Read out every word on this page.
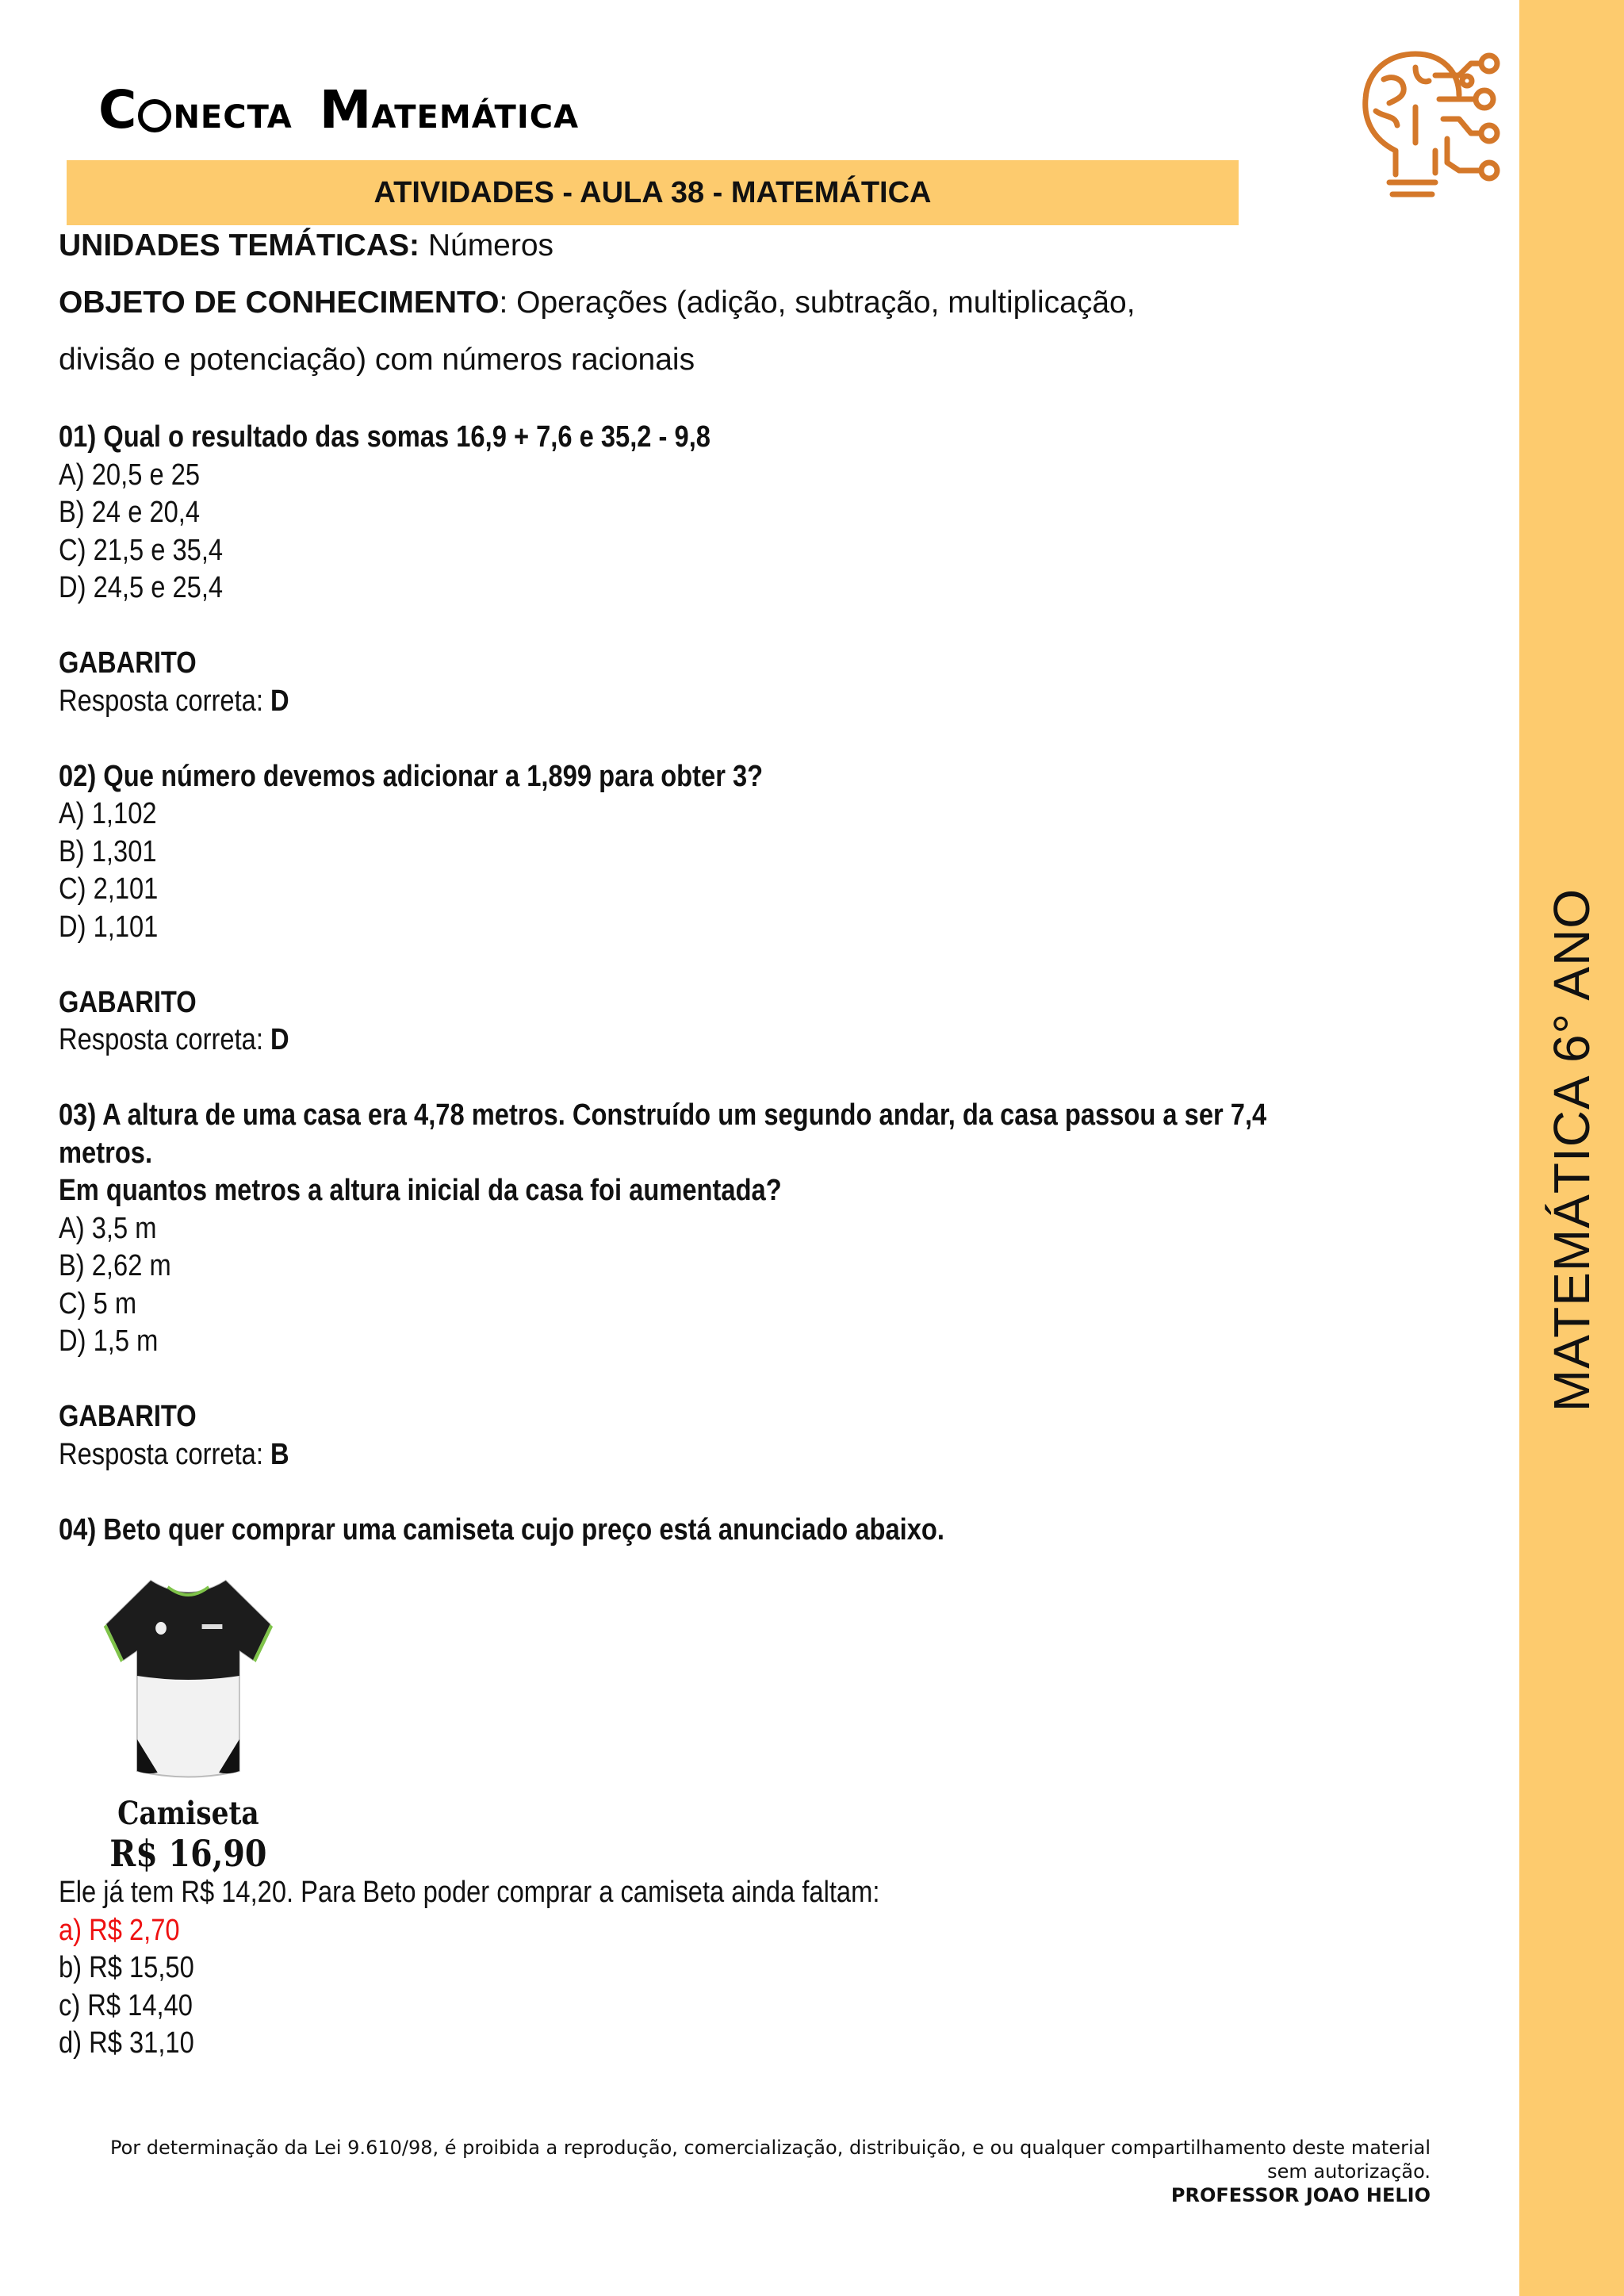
MATEMÁTICA 6° ANO
C NECTA M ATEMÁTICA
ATIVIDADES - AULA 38 - MATEMÁTICA
UNIDADES TEMÁTICAS: Números
OBJETO DE CONHECIMENTO: Operações (adição, subtração, multiplicação,
divisão e potenciação) com números racionais
01) Qual o resultado das somas 16,9 + 7,6 e 35,2 - 9,8
A) 20,5 e 25
B) 24 e 20,4
C) 21,5 e 35,4
D) 24,5 e 25,4
GABARITO
Resposta correta: D
02) Que número devemos adicionar a 1,899 para obter 3?
A) 1,102
B) 1,301
C) 2,101
D) 1,101
GABARITO
Resposta correta: D
03) A altura de uma casa era 4,78 metros. Construído um segundo andar, da casa passou a ser 7,4 metros.
Em quantos metros a altura inicial da casa foi aumentada?
A) 3,5 m
B) 2,62 m
C) 5 m
D) 1,5 m
GABARITO
Resposta correta: B
04) Beto quer comprar uma camiseta cujo preço está anunciado abaixo.
Camiseta
R$ 16,90
Ele já tem R$ 14,20. Para Beto poder comprar a camiseta ainda faltam:
a) R$ 2,70
b) R$ 15,50
c) R$ 14,40
d) R$ 31,10
Por determinação da Lei 9.610/98, é proibida a reprodução, comercialização, distribuição, e ou qualquer compartilhamento deste material
sem autorização.
PROFESSOR JOAO HELIO
